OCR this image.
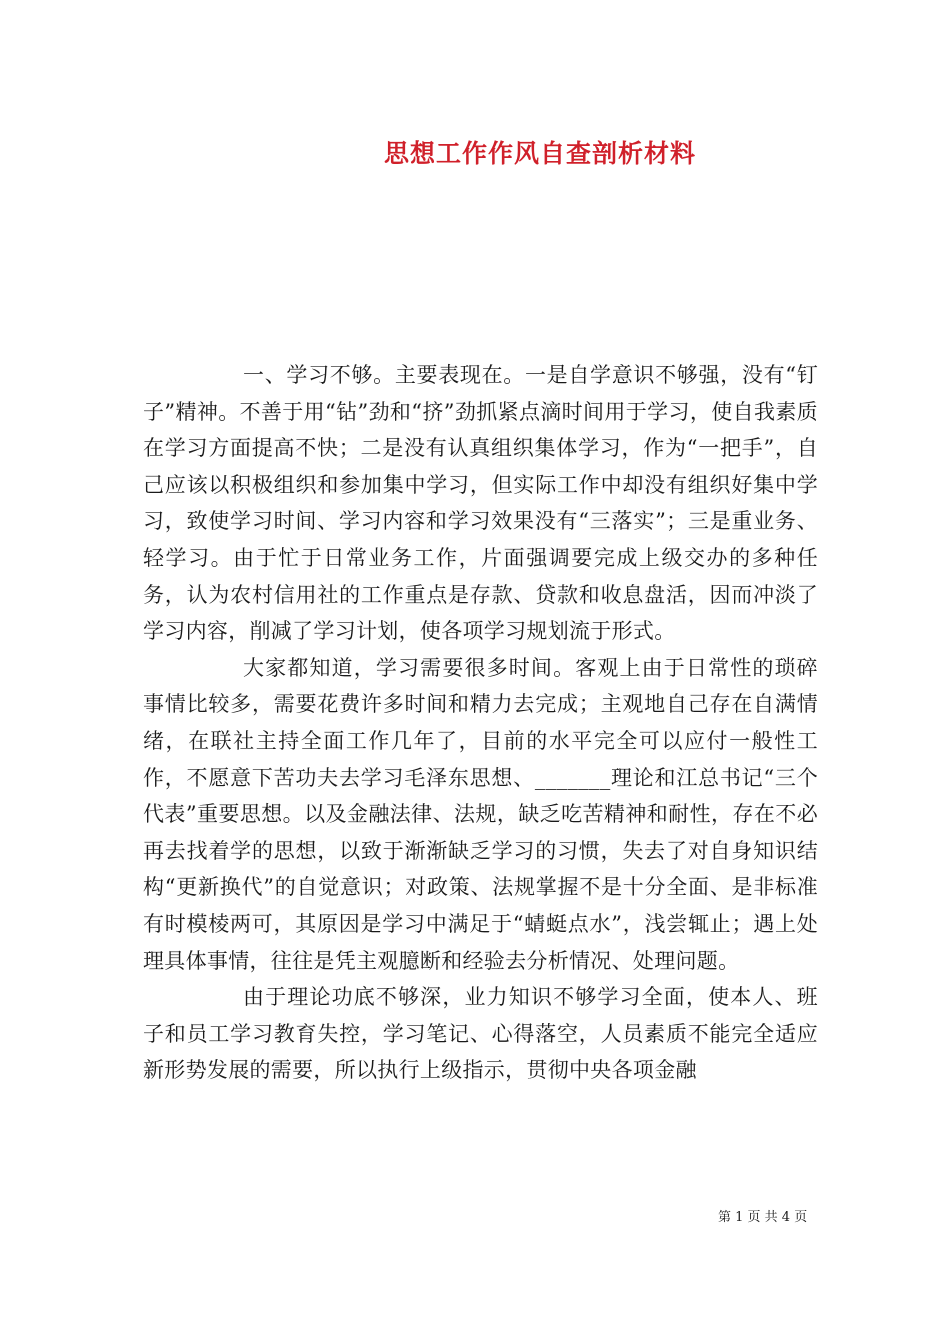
思想工作作风自查剖析材料

一、学习不够。主要表现在。一是自学意识不够强，没有“钉子”精神。不善于用“钻”劲和“挤”劲抓紧点滴时间用于学习，使自我素质在学习方面提高不快；二是没有认真组织集体学习，作为“一把手”，自己应该以积极组织和参加集中学习，但实际工作中却没有组织好集中学习，致使学习时间、学习内容和学习效果没有“三落实”；三是重业务、轻学习。由于忙于日常业务工作，片面强调要完成上级交办的多种任务，认为农村信用社的工作重点是存款、贷款和收息盘活，因而冲淡了学习内容，削减了学习计划，使各项学习规划流于形式。

大家都知道，学习需要很多时间。客观上由于日常性的琐碎事情比较多，需要花费许多时间和精力去完成；主观地自己存在自满情绪，在联社主持全面工作几年了，目前的水平完全可以应付一般性工作，不愿意下苦功夫去学习毛泽东思想、_______理论和江总书记“三个代表”重要思想。以及金融法律、法规，缺乏吃苦精神和耐性，存在不必再去找着学的思想，以致于渐渐缺乏学习的习惯，失去了对自身知识结构“更新换代”的自觉意识；对政策、法规掌握不是十分全面、是非标准有时模棱两可，其原因是学习中满足于“蜻蜓点水”，浅尝辄止；遇上处理具体事情，往往是凭主观臆断和经验去分析情况、处理问题。

由于理论功底不够深，业力知识不够学习全面，使本人、班子和员工学习教育失控，学习笔记、心得落空，人员素质不能完全适应新形势发展的需要，所以执行上级指示，贯彻中央各项金融

第 1 页 共 4 页
